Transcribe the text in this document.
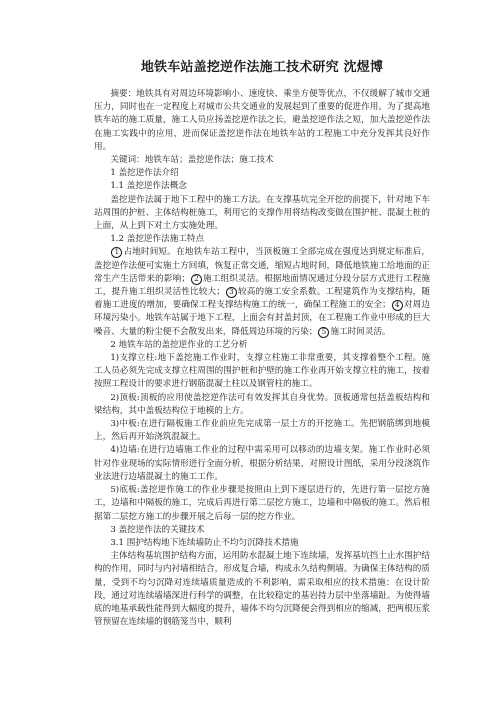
地铁车站盖挖逆作法施工技术研究 沈煜博

摘要：地铁具有对周边环境影响小、速度快、乘坐方便等优点，不仅缓解了城市交通压力，同时也在一定程度上对城市公共交通业的发展起到了重要的促进作用。为了提高地铁车站的施工质量，施工人员应扬盖挖逆作法之长，避盖挖逆作法之短，加大盖挖逆作法在施工实践中的应用，进而保证盖挖逆作法在地铁车站的工程施工中充分发挥其良好作用。

关键词：地铁车站；盖挖逆作法；施工技术

1 盖挖逆作法介绍

1.1 盖挖逆作法概念

盖挖逆作法属于地下工程中的施工方法。在支撑基坑完全开挖的前提下，针对地下车站周围的护桩、主体结构桩施工，利用它的支撑作用将结构改变做在围护桩、混凝土桩的上面，从上到下对土方实施处理。

1.2 盖挖逆作法施工特点

1 占地时间短。在地铁车站工程中，当顶板施工全部完成在强度达到规定标准后，盖挖逆作法便可实施土方回填，恢复正常交通，缩短占地时间，降低地铁施工给地面的正常生产生活带来的影响； 2 施工组织灵活。根据地面情况通过分段分层方式进行工程施工，提升施工组织灵活性比较大； 3 较高的施工安全系数。工程建筑作为支撑结构，随着施工进度的增加，要确保工程支撑结构施工的统一，确保工程施工的安全； 4 对周边环境污染小。地铁车站属于地下工程，上面会有封盖封顶，在工程施工作业中形成的巨大噪音、大量的粉尘便不会散发出来，降低周边环境的污染； 5 施工时间灵活。

2 地铁车站的盖挖逆作业的工艺分析

1)支撑立柱:地下盖挖施工作业时，支撑立柱施工非常重要，其支撑着整个工程。施工人员必须先完成支撑立柱周围的围护桩和护壁的施工作业再开始支撑立柱的施工，按着按照工程设计的要求进行钢筋混凝土柱以及钢管柱的施工。

2)顶板:顶板的应用使盖挖逆作法可有效发挥其自身优势。顶板通常包括盖板结构和梁结构，其中盖板结构位于地模的上方。

3)中板:在进行隔板施工作业前应先完成第一层土方的开挖施工。先把钢筋绑到地模上，然后再开始浇筑混凝土。

4)边墙:在进行边墙施工作业的过程中需采用可以移动的边墙支架。施工作业时必须针对作业现场的实际情形进行全面分析，根据分析结果，对照设计图纸，采用分段浇筑作业法进行边墙混凝土的施工工作。

5)底板:盖挖逆作施工的作业步骤是按照由上到下逐层进行的，先进行第一层挖方施工，边墙和中隔板的施工，完成后再进行第二层挖方施工，边墙和中隔板的施工。然后根据第二层挖方施工的步骤开展之后每一层的挖方作业。

3 盖挖逆作法的关键技术

3.1 围护结构地下连续墙防止不均匀沉降技术措施

主体结构基坑围护结构方面，运用防水混凝土地下连续墙，发挥基坑挡土止水围护结构的作用，同时与内衬墙相结合，形成复合墙，构成永久结构侧墙。为确保主体结构的质量，受到不均匀沉降对连续墙质量造成的不利影响，需采取相应的技术措施：在设计阶段，通过对连续墙墙深进行科学的调整，在比较稳定的基岩持力层中坐落墙趾。为使得墙底的地基承载性能得到大幅度的提升，墙体不均匀沉降便会得到相应的缩减，把两根压浆管预留在连续墙的钢筋笼当中，顺利
